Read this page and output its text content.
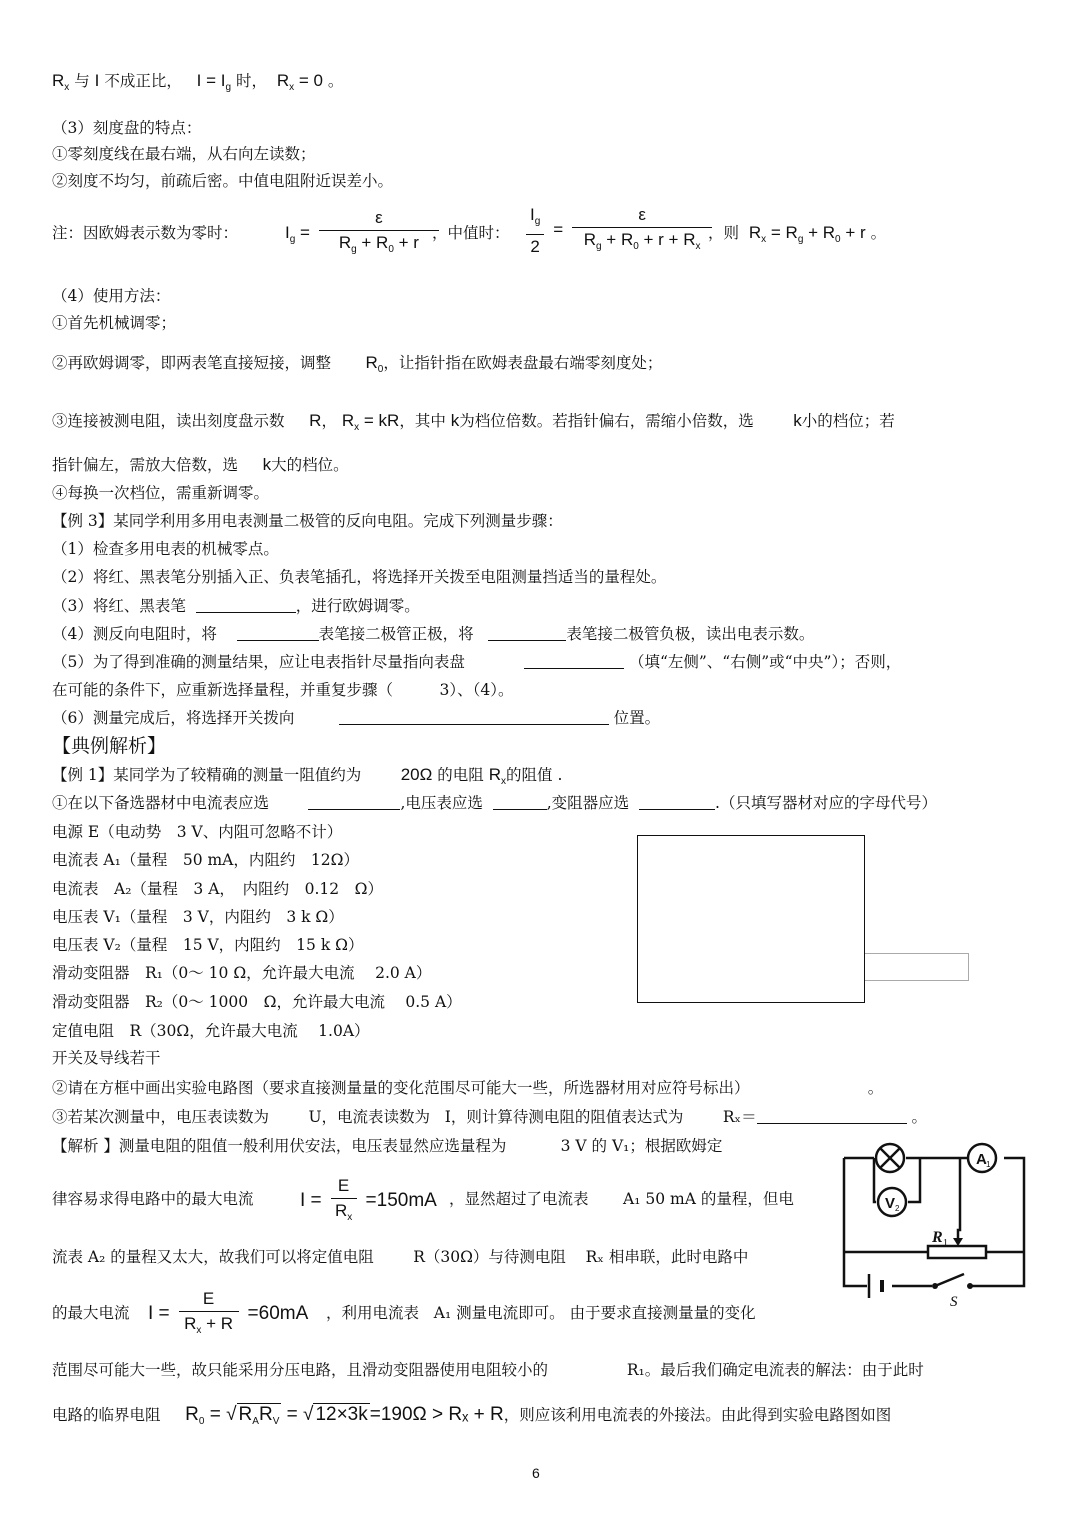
$R_x$ 与 I 不成正比， $I = I_g$ 时， $R_x = 0$ 。
（3）刻度盘的特点：
①零刻度线在最右端，从右向左读数；
②刻度不均匀，前疏后密。中值电阻附近误差小。
注：因欧姆表示数为零时：	$I_g = \frac{\varepsilon}{R_g + R_0 + r}$
，中值时： $\frac{I_g}{2} = \frac{\varepsilon}{R_g + R_0 + r + R_x}$
，则 $R_x = R_g + R_0 + r$ 。
（4）使用方法：
①首先机械调零；
②再欧姆调零，即两表笔直接短接，调整 $R_0$，让指针指在欧姆表盘最右端零刻度处；
③连接被测电阻，读出刻度盘示数 R， $R_x$ = kR，其中 k为档位倍数。若指针偏右，需缩小倍数，选 k小的档位；若
指针偏左，需放大倍数，选 k大的档位。
④每换一次档位，需重新调零。
【例 3】某同学利用多用电表测量二极管的反向电阻。完成下列测量步骤：
（1）检查多用电表的机械零点。
（2）将红、黑表笔分别插入正、负表笔插孔，将选择开关拨至电阻测量挡适当的量程处。
（3）将红、黑表笔	，进行欧姆调零。
（4）测反向电阻时，将	表笔接二极管正极，将	表笔接二极管负极，读出电表示数。
（5）为了得到准确的测量结果，应让电表指针尽量指向表盘	（填“左侧”、“右侧”或“中央”）；否则，
在可能的条件下，应重新选择量程，并重复步骤（　　　3）、（4）。
（6）测量完成后，将选择开关拨向	位置。
【典例解析】
【例 1】某同学为了较精确的测量一阻值约为 20Ω 的电阻 $R_x$的阻值 .
①在以下备选器材中电流表应选	,电压表应选	,变阻器应选	.（只填写器材对应的字母代号）
电源 E（电动势　3 V、内阻可忽略不计）
电流表 A₁（量程　50 mA，内阻约　12Ω）
电流表　A₂（量程　3 A，　内阻约　0.12　Ω）
电压表 V₁（量程　3 V，内阻约　3 k Ω）
电压表 V₂（量程　15 V，内阻约　15 k Ω）
滑动变阻器　R₁（0～ 10 Ω，允许最大电流　 2.0 A）
滑动变阻器　R₂（0～ 1000　Ω，允许最大电流　 0.5 A）
定值电阻　R（30Ω，允许最大电流　 1.0A）
开关及导线若干
②请在方框中画出实验电路图（要求直接测量量的变化范围尽可能大一些，所选器材用对应符号标出）	。
③若某次测量中，电压表读数为	U，电流表读数为 I，则计算待测电阻的阻值表达式为	Rₓ＝	。
【解析 】测量电阻的阻值一般利用伏安法，电压表显然应选量程为	3 V 的 V₁；根据欧姆定
律容易求得电路中的最大电流 $I = \frac{E}{R_x} =150mA$ ，显然超过了电流表 A₁ 50 mA 的量程，但电
流表 A₂ 的量程又太大，故我们可以将定值电阻	R（30Ω）与待测电阻 Rₓ 相串联，此时电路中
的最大电流 $I = \frac{E}{R_x + R} =60mA$ ，利用电流表 A₁ 测量电流即可。 由于要求直接测量量的变化
范围尽可能大一些，故只能采用分压电路，且滑动变阻器使用电阻较小的	R₁。最后我们确定电流表的解法：由于此时
电路的临界电阻 $R_0$ = √ $R_AR_V$ = √ 12×3k =190Ω > Rₓ + R，则应该利用电流表的外接法。由此得到实验电路图如图
A 1
V 2
R 1
S
6
